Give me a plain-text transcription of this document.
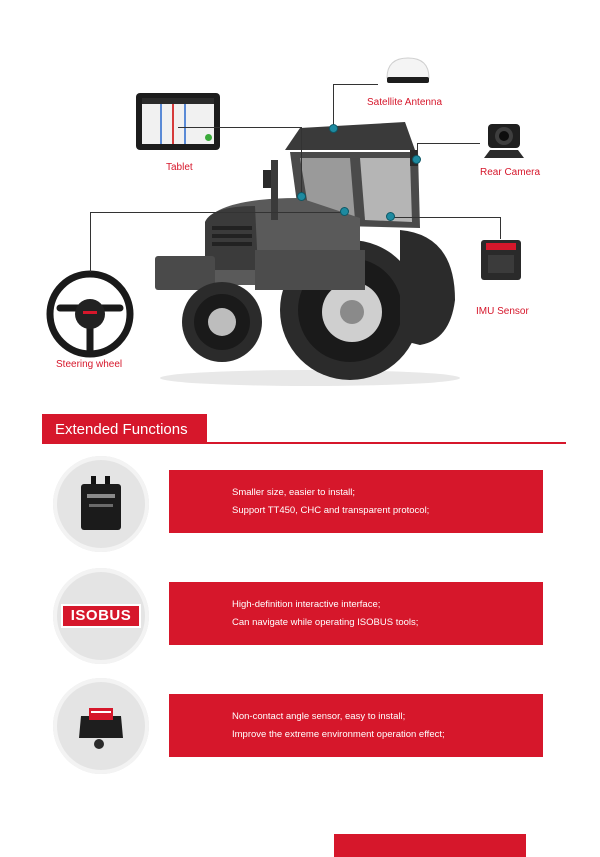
Satellite Antenna
Tablet	Rear Camera
IMU Sensor
Steering wheel
Extended Functions
Smaller size, easier to install;
Support TT450, CHC and transparent protocol;
ISOBUS
High-definition interactive interface;
Can navigate while operating ISOBUS tools;
Non-contact angle sensor, easy to install;
Improve the extreme environment operation effect;
